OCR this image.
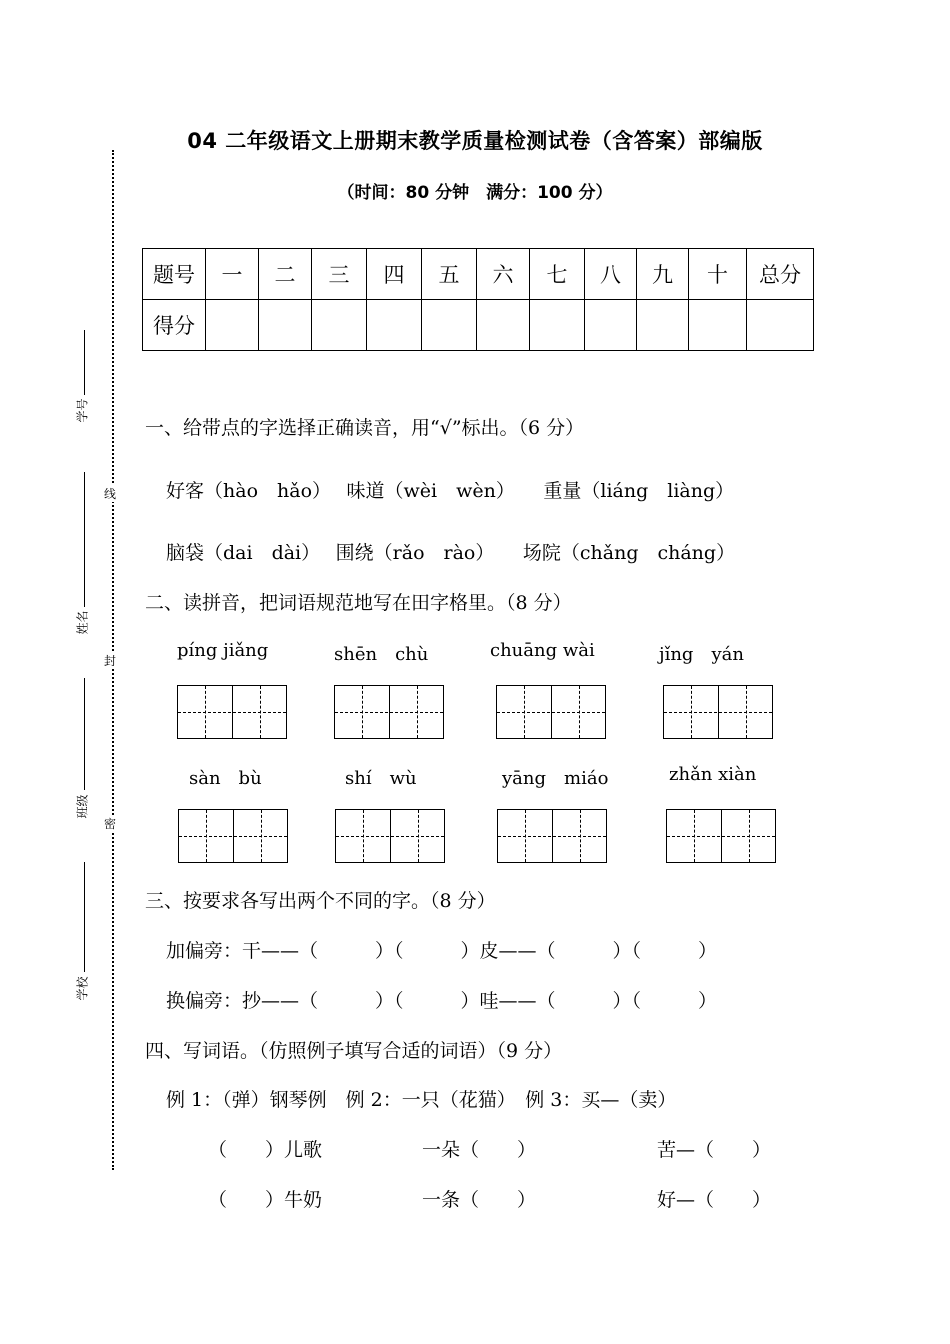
线
封
密
学号
姓名
班级
学校
04 二年级语文上册期末教学质量检测试卷（含答案）部编版
（时间：80 分钟　满分：100 分）
题号	一	二	三	四	五	六	七	八	九	十	总分
得分											
一、给带点的字选择正确读音，用“√”标出。（6 分）
好客（hào　hǎo）　 味道（wèi　wèn）　　重量（liáng　liàng）
脑袋（dai　dài）　 围绕（rǎo　rào）　　场院（chǎng　cháng）
二、读拼音，把词语规范地写在田字格里。（8 分）
píng jiǎng	shēn　chù	chuāng wài	jǐng　yán
sàn　bù	shí　wù	yāng　miáo	zhǎn xiàn
三、按要求各写出两个不同的字。（8 分）
加偏旁：干——（　　　）（　　　）皮——（　　　）（　　　）
换偏旁：抄——（　　　）（　　　）哇——（　　　）（　　　）
四、写词语。（仿照例子填写合适的词语）（9 分）
例 1：（弹）钢琴例　例 2：一只（花猫）　例 3：买—（卖）
（　　）儿歌	一朵（　　）	苦—（　　）
（　　）牛奶	一条（　　）	好—（　　）
